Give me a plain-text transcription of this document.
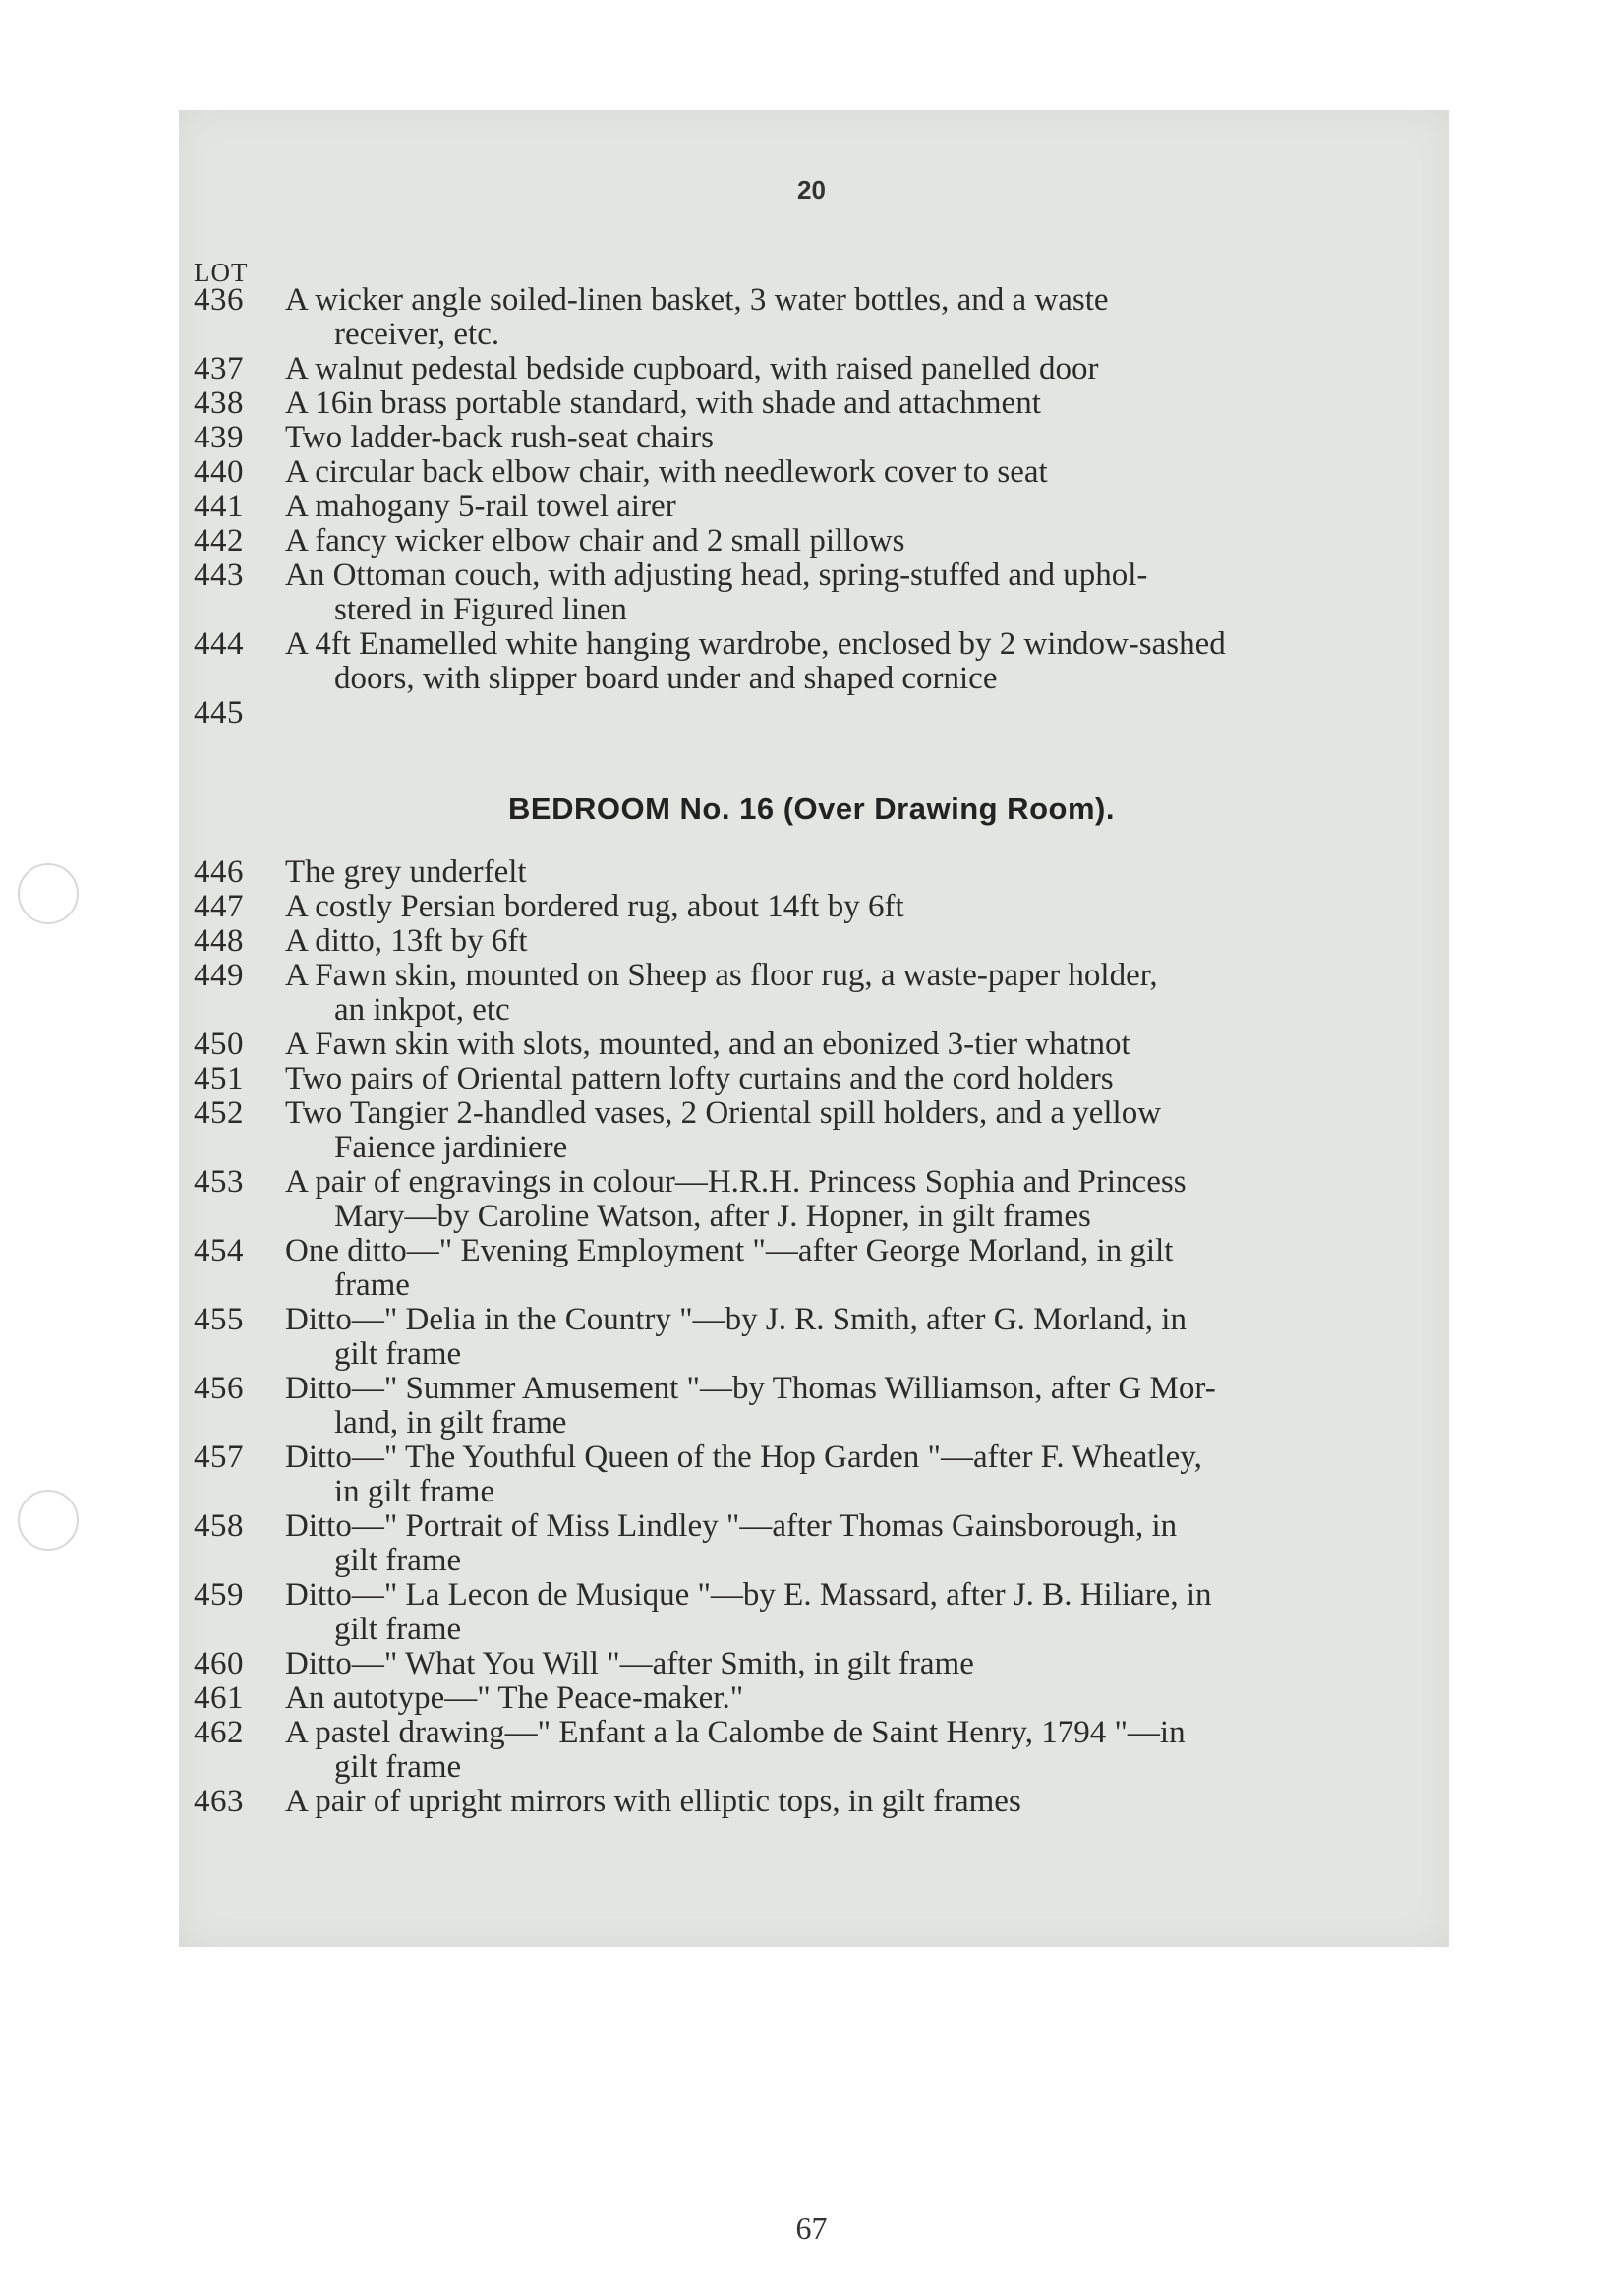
20
LOT
436	A wicker angle soiled-linen basket, 3 water bottles, and a waste
receiver, etc.
437	A walnut pedestal bedside cupboard, with raised panelled door
438	A 16in brass portable standard, with shade and attachment
439	Two ladder-back rush-seat chairs
440	A circular back elbow chair, with needlework cover to seat
441	A mahogany 5-rail towel airer
442	A fancy wicker elbow chair and 2 small pillows
443	An Ottoman couch, with adjusting head, spring-stuffed and uphol-
stered in Figured linen
444	A 4ft Enamelled white hanging wardrobe, enclosed by 2 window-sashed
doors, with slipper board under and shaped cornice
445
BEDROOM No. 16 (Over Drawing Room).
446	The grey underfelt
447	A costly Persian bordered rug, about 14ft by 6ft
448	A ditto, 13ft by 6ft
449	A Fawn skin, mounted on Sheep as floor rug, a waste-paper holder,
an inkpot, etc
450	A Fawn skin with slots, mounted, and an ebonized 3-tier whatnot
451	Two pairs of Oriental pattern lofty curtains and the cord holders
452	Two Tangier 2-handled vases, 2 Oriental spill holders, and a yellow
Faience jardiniere
453	A pair of engravings in colour—H.R.H. Princess Sophia and Princess
Mary—by Caroline Watson, after J. Hopner, in gilt frames
454	One ditto—" Evening Employment "—after George Morland, in gilt
frame
455	Ditto—" Delia in the Country "—by J. R. Smith, after G. Morland, in
gilt frame
456	Ditto—" Summer Amusement "—by Thomas Williamson, after G Mor-
land, in gilt frame
457	Ditto—" The Youthful Queen of the Hop Garden "—after F. Wheatley,
in gilt frame
458	Ditto—" Portrait of Miss Lindley "—after Thomas Gainsborough, in
gilt frame
459	Ditto—" La Lecon de Musique "—by E. Massard, after J. B. Hiliare, in
gilt frame
460	Ditto—" What You Will "—after Smith, in gilt frame
461	An autotype—" The Peace-maker."
462	A pastel drawing—" Enfant a la Calombe de Saint Henry, 1794 "—in
gilt frame
463	A pair of upright mirrors with elliptic tops, in gilt frames
67
